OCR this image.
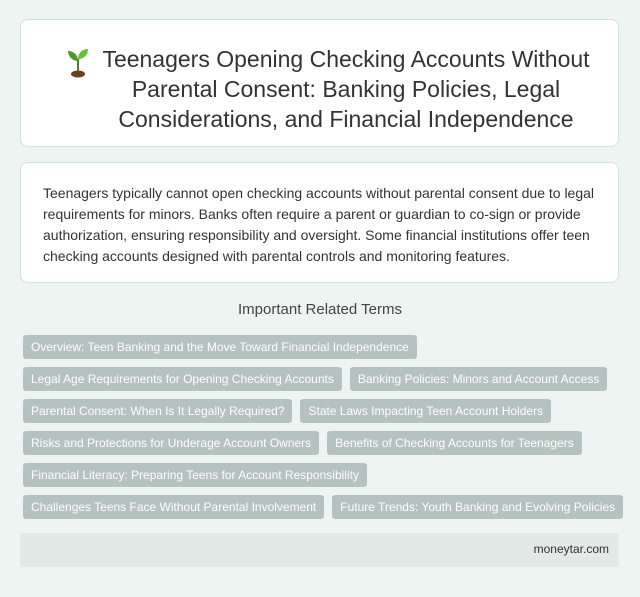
Teenagers Opening Checking Accounts Without Parental Consent: Banking Policies, Legal Considerations, and Financial Independence

Teenagers typically cannot open checking accounts without parental consent due to legal requirements for minors. Banks often require a parent or guardian to co-sign or provide authorization, ensuring responsibility and oversight. Some financial institutions offer teen checking accounts designed with parental controls and monitoring features.

Important Related Terms
Overview: Teen Banking and the Move Toward Financial Independence
Legal Age Requirements for Opening Checking Accounts	Banking Policies: Minors and Account Access
Parental Consent: When Is It Legally Required?	State Laws Impacting Teen Account Holders
Risks and Protections for Underage Account Owners	Benefits of Checking Accounts for Teenagers
Financial Literacy: Preparing Teens for Account Responsibility
Challenges Teens Face Without Parental Involvement	Future Trends: Youth Banking and Evolving Policies
moneytar.com
